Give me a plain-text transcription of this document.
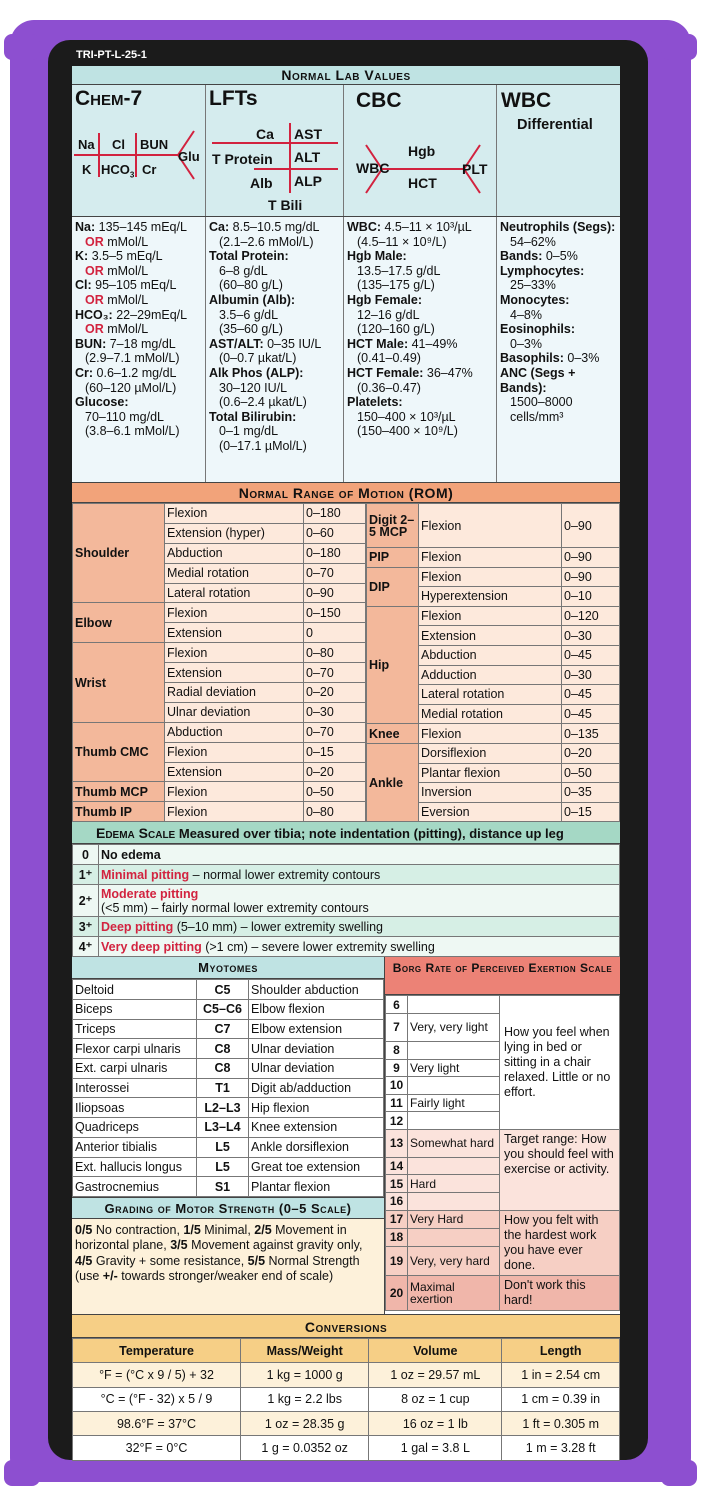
TRI-PT-L-25-1
Normal Lab Values
Chem-7
Na Cl BUN
Glu
K $HCO_3$ Cr
LFTs
Ca AST
T Protein ALT
Alb ALP
T Bili
CBC
Hgb
WBC	PLT
HCT
WBC
Differential
Na: 135–145 mEq/L
OR mMol/L
K: 3.5–5 mEq/L
OR mMol/L
Cl: 95–105 mEq/L
OR mMol/L
HCO₃: 22–29mEq/L
OR mMol/L
BUN: 7–18 mg/dL
(2.9–7.1 mMol/L)
Cr: 0.6–1.2 mg/dL
(60–120 µMol/L)
Glucose:
70–110 mg/dL
(3.8–6.1 mMol/L)
Ca: 8.5–10.5 mg/dL
(2.1–2.6 mMol/L)
Total Protein:
6–8 g/dL
(60–80 g/L)
Albumin (Alb):
3.5–6 g/dL
(35–60 g/L)
AST/ALT: 0–35 IU/L
(0–0.7 µkat/L)
Alk Phos (ALP):
30–120 IU/L
(0.6–2.4 µkat/L)
Total Bilirubin:
0–1 mg/dL
(0–17.1 µMol/L)
WBC: 4.5–11 × 10³/µL
(4.5–11 × 10⁹/L)
Hgb Male:
13.5–17.5 g/dL
(135–175 g/L)
Hgb Female:
12–16 g/dL
(120–160 g/L)
HCT Male: 41–49%
(0.41–0.49)
HCT Female: 36–47%
(0.36–0.47)
Platelets:
150–400 × 10³/µL
(150–400 × 10⁹/L)
Neutrophils (Segs):
54–62%
Bands: 0–5%
Lymphocytes:
25–33%
Monocytes:
4–8%
Eosinophils:
0–3%
Basophils: 0–3%
ANC (Segs + Bands):
1500–8000
cells/mm³
Normal Range of Motion (ROM)
Shoulder	Flexion	0–180
	Extension (hyper)	0–60
	Abduction	0–180
	Medial rotation	0–70
	Lateral rotation	0–90
Elbow	Flexion	0–150
	Extension	0
Wrist	Flexion	0–80
	Extension	0–70
	Radial deviation	0–20
	Ulnar deviation	0–30
Thumb CMC	Abduction	0–70
	Flexion	0–15
	Extension	0–20
Thumb MCP	Flexion	0–50
Thumb IP	Flexion	0–80
Digit 2–5 MCP	Flexion	0–90
PIP	Flexion	0–90
DIP	Flexion	0–90
	Hyperextension	0–10
Hip	Flexion	0–120
	Extension	0–30
	Abduction	0–45
	Adduction	0–30
	Lateral rotation	0–45
	Medial rotation	0–45
Knee	Flexion	0–135
Ankle	Dorsiflexion	0–20
	Plantar flexion	0–50
	Inversion	0–35
	Eversion	0–15
Edema Scale Measured over tibia; note indentation (pitting), distance up leg
0	No edema
1⁺	Minimal pitting – normal lower extremity contours
2⁺	Moderate pitting
(<5 mm) – fairly normal lower extremity contours
3⁺	Deep pitting (5–10 mm) – lower extremity swelling
4⁺	Very deep pitting (>1 cm) – severe lower extremity swelling
Myotomes
Deltoid	C5	Shoulder abduction
Biceps	C5–C6	Elbow flexion
Triceps	C7	Elbow extension
Flexor carpi ulnaris	C8	Ulnar deviation
Ext. carpi ulnaris	C8	Ulnar deviation
Interossei	T1	Digit ab/adduction
Iliopsoas	L2–L3	Hip flexion
Quadriceps	L3–L4	Knee extension
Anterior tibialis	L5	Ankle dorsiflexion
Ext. hallucis longus	L5	Great toe extension
Gastrocnemius	S1	Plantar flexion
Grading of Motor Strength (0–5 Scale)
0/5 No contraction, 1/5 Minimal, 2/5 Movement in horizontal plane, 3/5 Movement against gravity only, 4/5 Gravity + some resistance, 5/5 Normal Strength (use +/- towards stronger/weaker end of scale)
Borg Rate of Perceived Exertion Scale
6		How you feel when lying in bed or sitting in a chair relaxed. Little or no effort.
7	Very, very light	
8		
9	Very light	
10		
11	Fairly light	
12		
13	Somewhat hard	Target range: How you should feel with exercise or activity.
14		
15	Hard	
16		
17	Very Hard	How you felt with the hardest work you have ever done.
18		
19	Very, very hard	
20	Maximal exertion	Don't work this hard!
Conversions
Temperature	Mass/Weight	Volume	Length
°F = (°C x 9 / 5) + 32	1 kg = 1000 g	1 oz = 29.57 mL	1 in = 2.54 cm
°C = (°F - 32) x 5 / 9	1 kg = 2.2 lbs	8 oz = 1 cup	1 cm = 0.39 in
98.6°F = 37°C	1 oz = 28.35 g	16 oz = 1 lb	1 ft = 0.305 m
32°F = 0°C	1 g = 0.0352 oz	1 gal = 3.8 L	1 m = 3.28 ft
